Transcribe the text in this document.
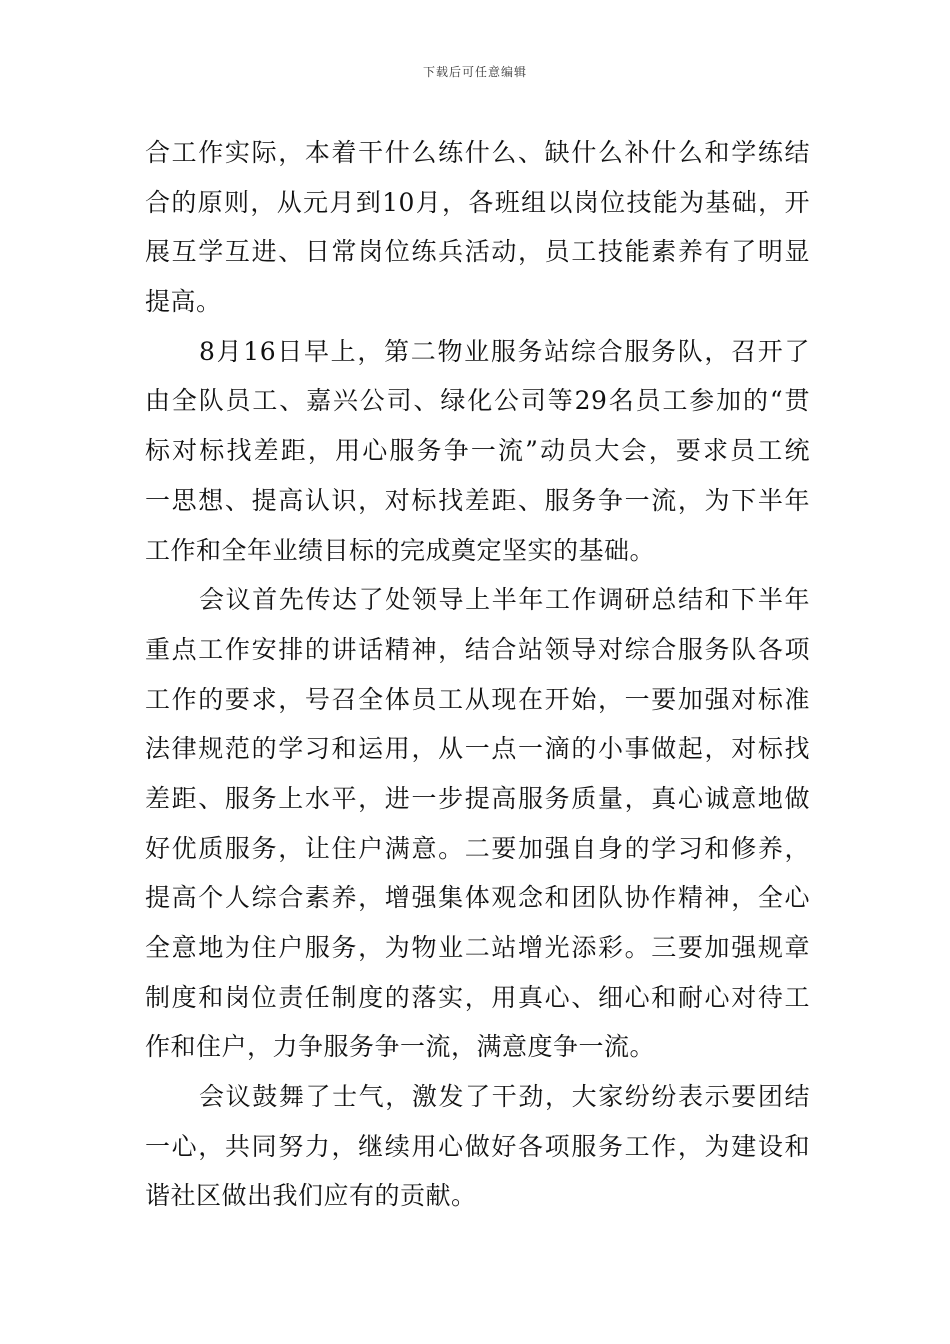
下载后可任意编辑
合工作实际，本着干什么练什么、缺什么补什么和学练结
合的原则，从元月到10月，各班组以岗位技能为基础，开
展互学互进、日常岗位练兵活动，员工技能素养有了明显
提高。
8月16日早上，第二物业服务站综合服务队，召开了
由全队员工、嘉兴公司、绿化公司等29名员工参加的“贯
标对标找差距，用心服务争一流”动员大会，要求员工统
一思想、提高认识，对标找差距、服务争一流，为下半年
工作和全年业绩目标的完成奠定坚实的基础。
会议首先传达了处领导上半年工作调研总结和下半年
重点工作安排的讲话精神，结合站领导对综合服务队各项
工作的要求，号召全体员工从现在开始，一要加强对标准
法律规范的学习和运用，从一点一滴的小事做起，对标找
差距、服务上水平，进一步提高服务质量，真心诚意地做
好优质服务，让住户满意。二要加强自身的学习和修养，
提高个人综合素养，增强集体观念和团队协作精神，全心
全意地为住户服务，为物业二站增光添彩。三要加强规章
制度和岗位责任制度的落实，用真心、细心和耐心对待工
作和住户，力争服务争一流，满意度争一流。
会议鼓舞了士气，激发了干劲，大家纷纷表示要团结
一心，共同努力，继续用心做好各项服务工作，为建设和
谐社区做出我们应有的贡献。
